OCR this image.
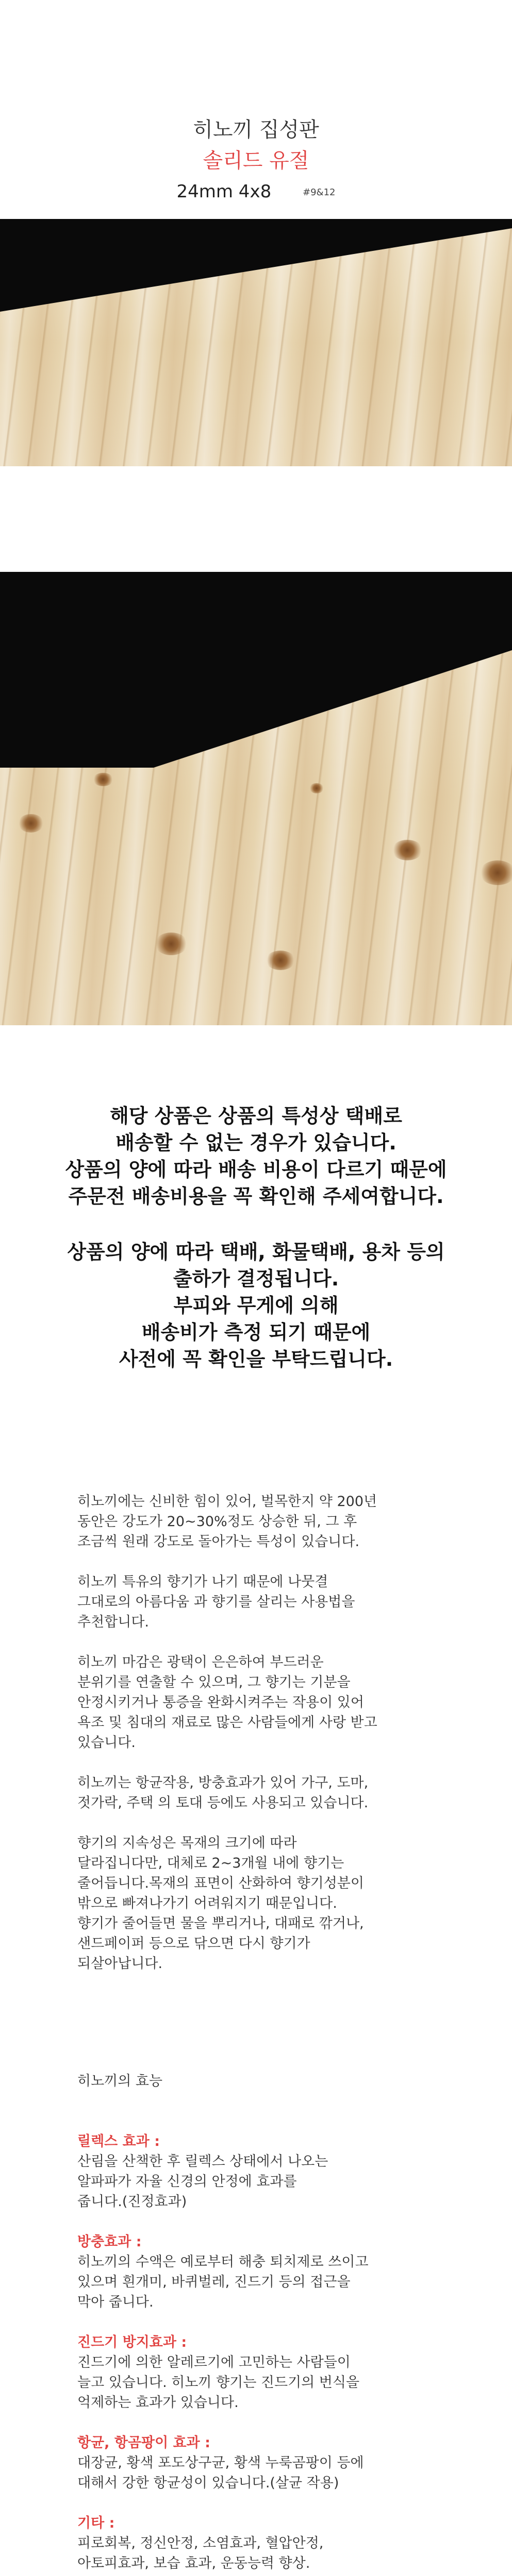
히노끼 집성판
솔리드 유절
24mm 4x8	#9&12

해당 상품은 상품의 특성상 택배로

배송할 수 없는 경우가 있습니다.

상품의 양에 따라 배송 비용이 다르기 때문에

주문전 배송비용을 꼭 확인해 주세여합니다.

상품의 양에 따라 택배, 화물택배, 용차 등의

출하가 결정됩니다.

부피와 무게에 의해

배송비가 측정 되기 때문에

사전에 꼭 확인을 부탁드립니다.

히노끼에는 신비한 힘이 있어, 벌목한지 약 200년
동안은 강도가 20~30%정도 상승한 뒤, 그 후
조금씩 원래 강도로 돌아가는 특성이 있습니다.

히노끼 특유의 향기가 나기 때문에 나뭇결
그대로의 아름다움 과 향기를 살리는 사용법을
추천합니다.

히노끼 마감은 광택이 은은하여 부드러운
분위기를 연출할 수 있으며, 그 향기는 기분을
안정시키거나 통증을 완화시켜주는 작용이 있어
욕조 및 침대의 재료로 많은 사람들에게 사랑 받고
있습니다.

히노끼는 항균작용, 방충효과가 있어 가구, 도마,
젓가락, 주택 의 토대 등에도 사용되고 있습니다.

향기의 지속성은 목재의 크기에 따라
달라집니다만, 대체로 2~3개월 내에 향기는
줄어듭니다.목재의 표면이 산화하여 향기성분이
밖으로 빠져나가기 어려워지기 때문입니다.
향기가 줄어들면 물을 뿌리거나, 대패로 깎거나,
샌드페이퍼 등으로 닦으면 다시 향기가
되살아납니다.

히노끼의 효능

릴렉스 효과 :

산림을 산책한 후 릴렉스 상태에서 나오는
알파파가 자율 신경의 안정에 효과를
줍니다.(진정효과)

방충효과 :

히노끼의 수액은 예로부터 해충 퇴치제로 쓰이고
있으며 흰개미, 바퀴벌레, 진드기 등의 접근을
막아 줍니다.

진드기 방지효과 :

진드기에 의한 알레르기에 고민하는 사람들이
늘고 있습니다. 히노끼 향기는 진드기의 번식을
억제하는 효과가 있습니다.

항균, 항곰팡이 효과 :

대장균, 황색 포도상구균, 황색 누룩곰팡이 등에
대해서 강한 항균성이 있습니다.(살균 작용)

기타 :

피로회복, 정신안정, 소염효과, 혈압안정,
아토피효과, 보습 효과, 운동능력 향상.
